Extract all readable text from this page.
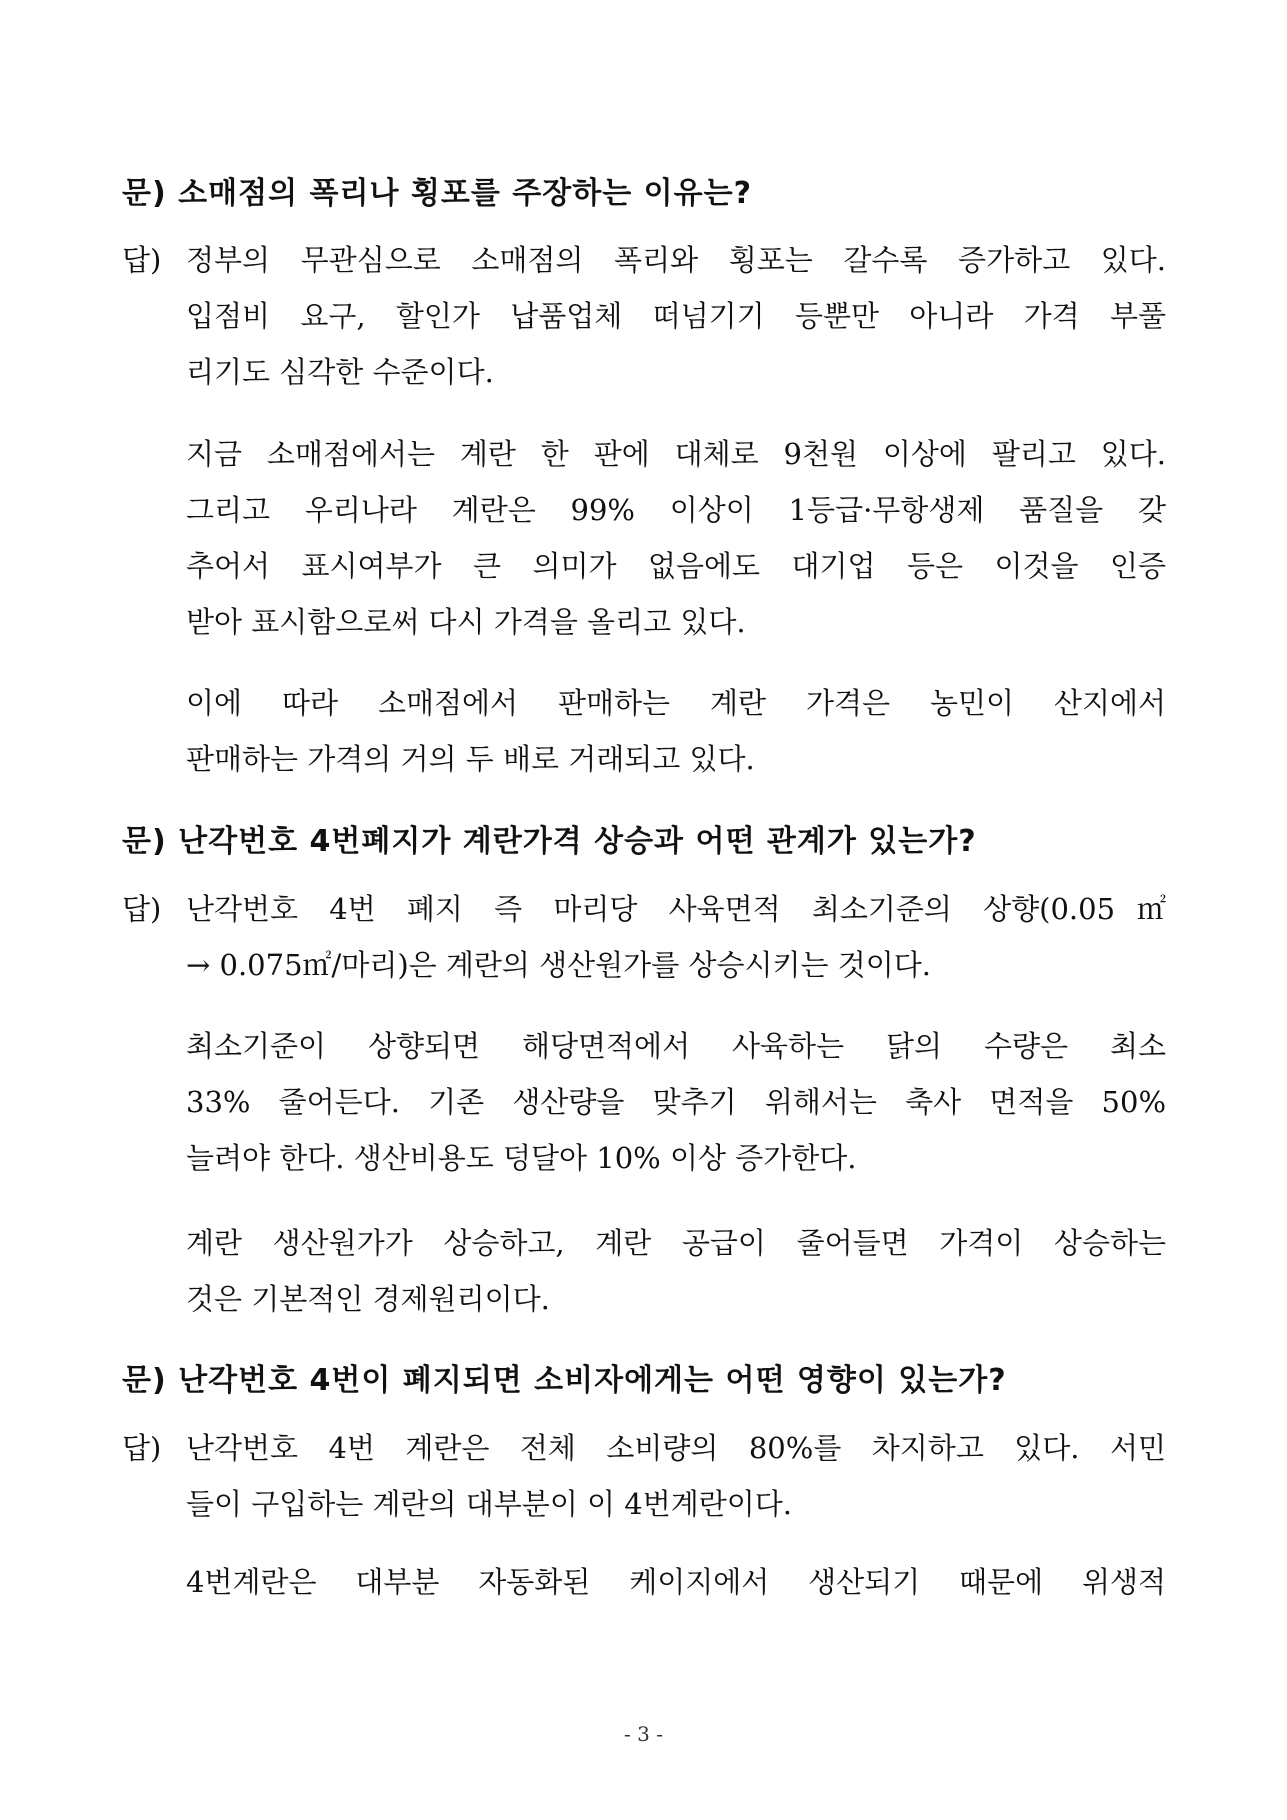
문) 소매점의 폭리나 횡포를 주장하는 이유는?
답) 정부의 무관심으로 소매점의 폭리와 횡포는 갈수록 증가하고 있다.
입점비 요구, 할인가 납품업체 떠넘기기 등뿐만 아니라 가격 부풀
리기도 심각한 수준이다.
지금 소매점에서는 계란 한 판에 대체로 9천원 이상에 팔리고 있다.
그리고 우리나라 계란은 99% 이상이 1등급·무항생제 품질을 갖
추어서 표시여부가 큰 의미가 없음에도 대기업 등은 이것을 인증
받아 표시함으로써 다시 가격을 올리고 있다.
이에 따라 소매점에서 판매하는 계란 가격은 농민이 산지에서
판매하는 가격의 거의 두 배로 거래되고 있다.
문) 난각번호 4번폐지가 계란가격 상승과 어떤 관계가 있는가?
답) 난각번호 4번 폐지 즉 마리당 사육면적 최소기준의 상향(0.05㎡
→ 0.075㎡/마리)은 계란의 생산원가를 상승시키는 것이다.
최소기준이 상향되면 해당면적에서 사육하는 닭의 수량은 최소
33% 줄어든다. 기존 생산량을 맞추기 위해서는 축사 면적을 50%
늘려야 한다. 생산비용도 덩달아 10% 이상 증가한다.
계란 생산원가가 상승하고, 계란 공급이 줄어들면 가격이 상승하는
것은 기본적인 경제원리이다.
문) 난각번호 4번이 폐지되면 소비자에게는 어떤 영향이 있는가?
답) 난각번호 4번 계란은 전체 소비량의 80%를 차지하고 있다. 서민
들이 구입하는 계란의 대부분이 이 4번계란이다.
4번계란은 대부분 자동화된 케이지에서 생산되기 때문에 위생적
- 3 -
